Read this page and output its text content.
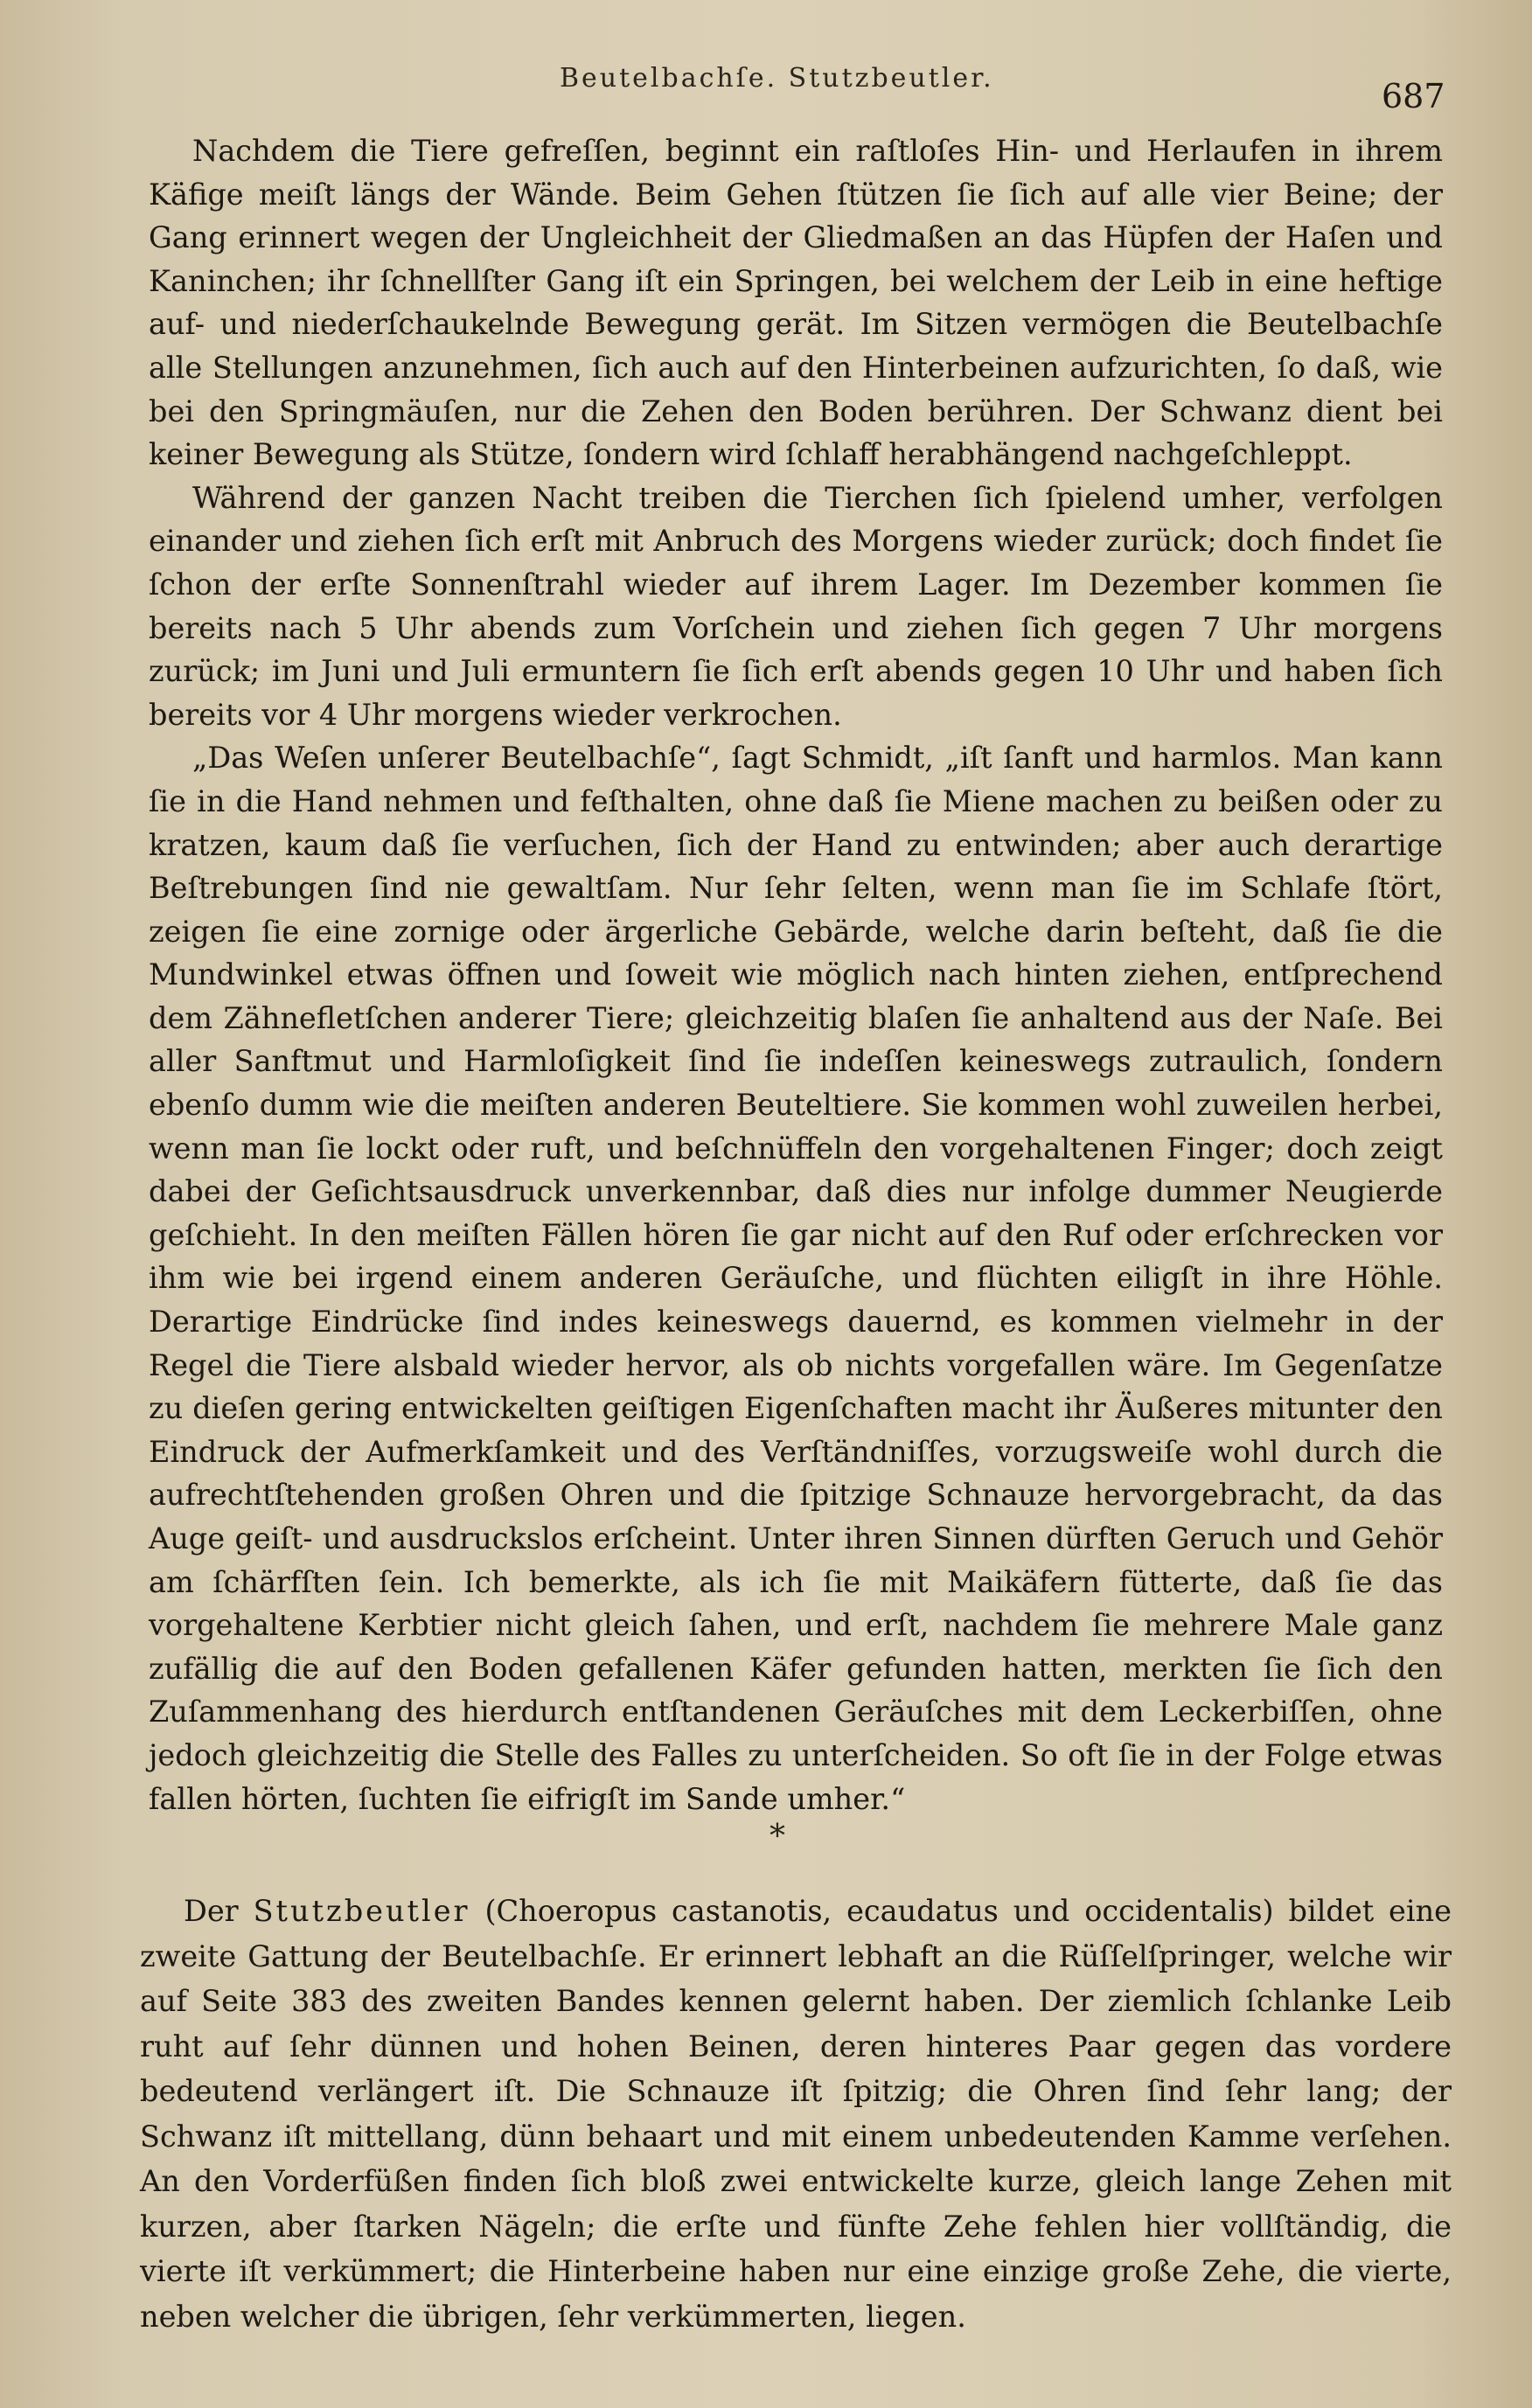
Beutelbachſe. Stutzbeutler.	687

Nachdem die Tiere gefreſſen, beginnt ein raſtloſes Hin- und Herlaufen in ihrem Käfige meiſt längs der Wände. Beim Gehen ſtützen ſie ſich auf alle vier Beine; der Gang erinnert wegen der Ungleichheit der Gliedmaßen an das Hüpfen der Haſen und Kaninchen; ihr ſchnellſter Gang iſt ein Springen, bei welchem der Leib in eine heftige auf- und niederſchaukelnde Bewegung gerät. Im Sitzen vermögen die Beutelbachſe alle Stellungen anzunehmen, ſich auch auf den Hinterbeinen aufzurichten, ſo daß, wie bei den Springmäuſen, nur die Zehen den Boden berühren. Der Schwanz dient bei keiner Bewegung als Stütze, ſondern wird ſchlaff herabhängend nachgeſchleppt.

Während der ganzen Nacht treiben die Tierchen ſich ſpielend umher, verfolgen einander und ziehen ſich erſt mit Anbruch des Morgens wieder zurück; doch findet ſie ſchon der erſte Sonnenſtrahl wieder auf ihrem Lager. Im Dezember kommen ſie bereits nach 5 Uhr abends zum Vorſchein und ziehen ſich gegen 7 Uhr morgens zurück; im Juni und Juli ermuntern ſie ſich erſt abends gegen 10 Uhr und haben ſich bereits vor 4 Uhr morgens wieder verkrochen.

„Das Weſen unſerer Beutelbachſe“, ſagt Schmidt, „iſt ſanft und harmlos. Man kann ſie in die Hand nehmen und feſthalten, ohne daß ſie Miene machen zu beißen oder zu kratzen, kaum daß ſie verſuchen, ſich der Hand zu entwinden; aber auch derartige Beſtrebungen ſind nie gewaltſam. Nur ſehr ſelten, wenn man ſie im Schlafe ſtört, zeigen ſie eine zornige oder ärgerliche Gebärde, welche darin beſteht, daß ſie die Mundwinkel etwas öffnen und ſoweit wie möglich nach hinten ziehen, entſprechend dem Zähnefletſchen anderer Tiere; gleichzeitig blaſen ſie anhaltend aus der Naſe. Bei aller Sanftmut und Harmloſigkeit ſind ſie indeſſen keineswegs zutraulich, ſondern ebenſo dumm wie die meiſten anderen Beuteltiere. Sie kommen wohl zuweilen herbei, wenn man ſie lockt oder ruft, und beſchnüffeln den vorgehaltenen Finger; doch zeigt dabei der Geſichtsausdruck unverkennbar, daß dies nur infolge dummer Neugierde geſchieht. In den meiſten Fällen hören ſie gar nicht auf den Ruf oder erſchrecken vor ihm wie bei irgend einem anderen Geräuſche, und flüchten eiligſt in ihre Höhle. Derartige Eindrücke ſind indes keineswegs dauernd, es kommen vielmehr in der Regel die Tiere alsbald wieder hervor, als ob nichts vorgefallen wäre. Im Gegenſatze zu dieſen gering entwickelten geiſtigen Eigenſchaften macht ihr Äußeres mitunter den Eindruck der Aufmerkſamkeit und des Verſtändniſſes, vorzugsweiſe wohl durch die aufrechtſtehenden großen Ohren und die ſpitzige Schnauze hervorgebracht, da das Auge geiſt- und ausdruckslos erſcheint. Unter ihren Sinnen dürften Geruch und Gehör am ſchärfſten ſein. Ich bemerkte, als ich ſie mit Maikäfern fütterte, daß ſie das vorgehaltene Kerbtier nicht gleich ſahen, und erſt, nachdem ſie mehrere Male ganz zufällig die auf den Boden gefallenen Käfer gefunden hatten, merkten ſie ſich den Zuſammenhang des hierdurch entſtandenen Geräuſches mit dem Leckerbiſſen, ohne jedoch gleichzeitig die Stelle des Falles zu unterſcheiden. So oft ſie in der Folge etwas fallen hörten, ſuchten ſie eifrigſt im Sande umher.“

*

Der Stutzbeutler (Choeropus castanotis, ecaudatus und occidentalis) bildet eine zweite Gattung der Beutelbachſe. Er erinnert lebhaft an die Rüſſelſpringer, welche wir auf Seite 383 des zweiten Bandes kennen gelernt haben. Der ziemlich ſchlanke Leib ruht auf ſehr dünnen und hohen Beinen, deren hinteres Paar gegen das vordere bedeutend verlängert iſt. Die Schnauze iſt ſpitzig; die Ohren ſind ſehr lang; der Schwanz iſt mittellang, dünn behaart und mit einem unbedeutenden Kamme verſehen. An den Vorderfüßen finden ſich bloß zwei entwickelte kurze, gleich lange Zehen mit kurzen, aber ſtarken Nägeln; die erſte und fünfte Zehe fehlen hier vollſtändig, die vierte iſt verkümmert; die Hinterbeine haben nur eine einzige große Zehe, die vierte, neben welcher die übrigen, ſehr verkümmerten, liegen.
